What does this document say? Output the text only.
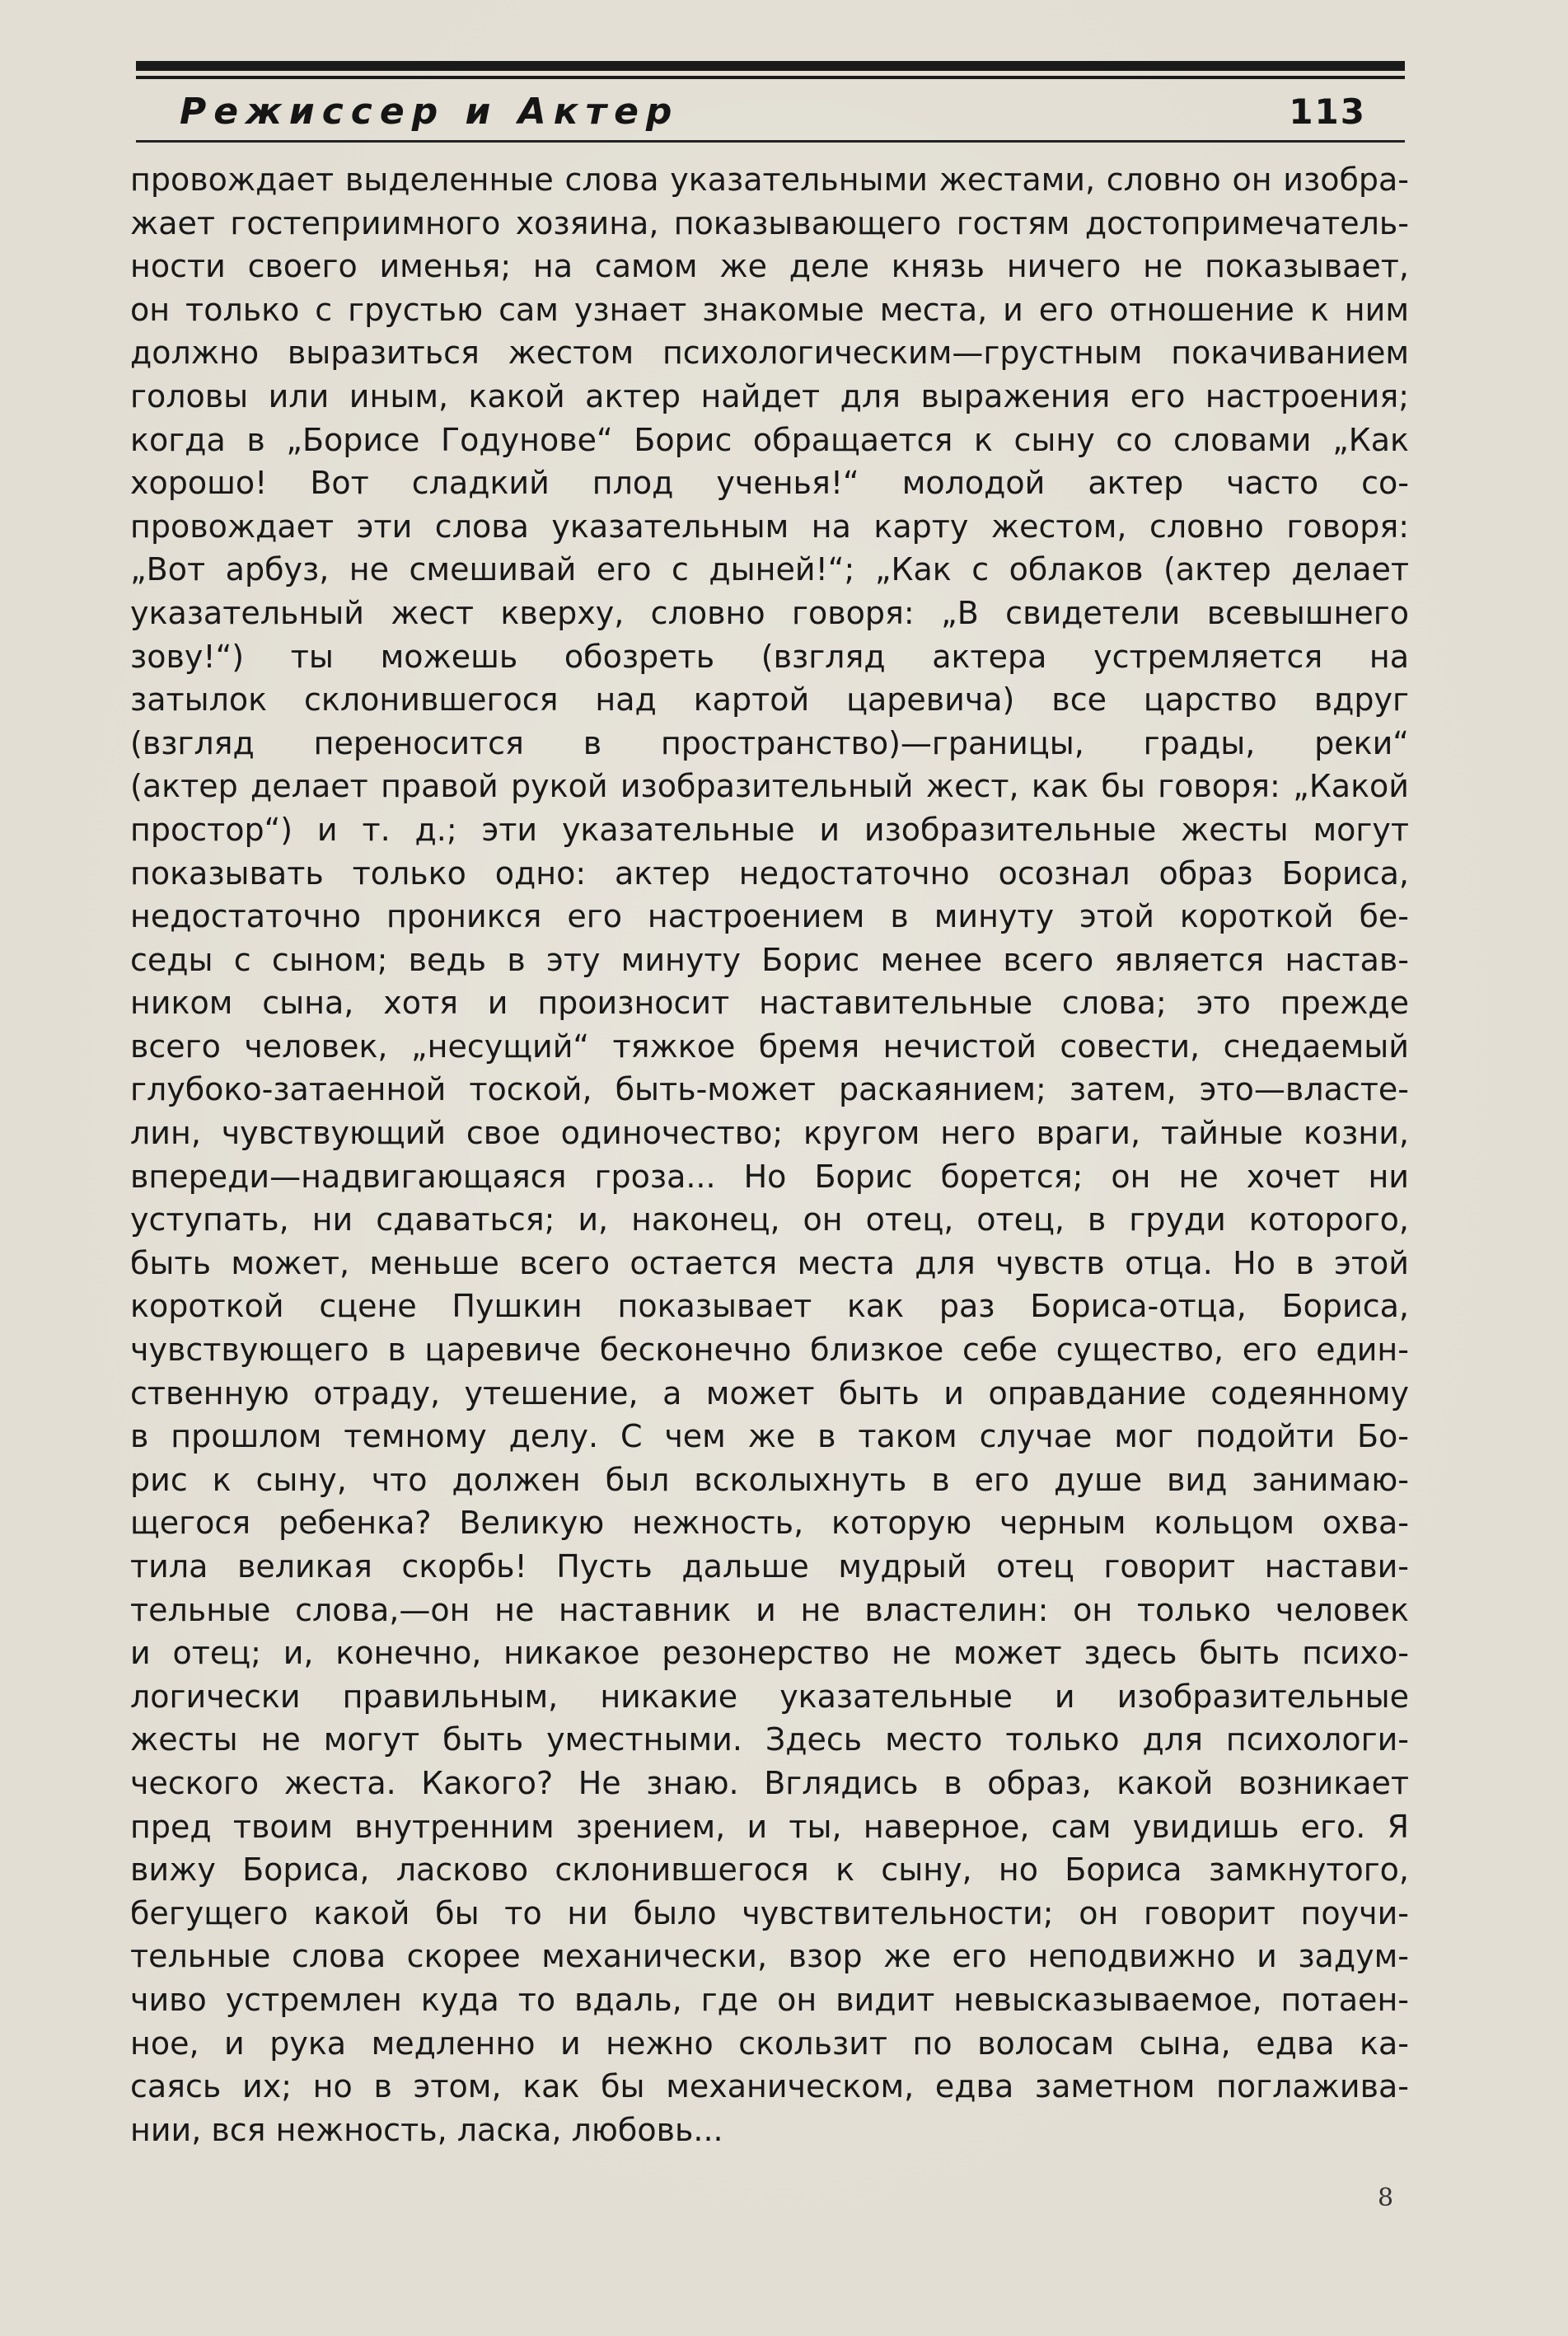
Режиссер и Актер	113
провождает выделенные слова указательными жестами, словно он изобра-
жает гостеприимного хозяина, показывающего гостям достопримечатель-
ности своего именья; на самом же деле князь ничего не показывает,
он только с грустью сам узнает знакомые места, и его отношение к ним
должно выразиться жестом психологическим—грустным покачиванием
головы или иным, какой актер найдет для выражения его настроения;
когда в „Борисе Годунове“ Борис обращается к сыну со словами „Как
хорошо! Вот сладкий плод ученья!“ молодой актер часто со-
провождает эти слова указательным на карту жестом, словно говоря:
„Вот арбуз, не смешивай его с дыней!“; „Как с облаков (актер делает
указательный жест кверху, словно говоря: „В свидетели всевышнего
зову!“) ты можешь обозреть (взгляд актера устремляется на
затылок склонившегося над картой царевича) все царство вдруг
(взгляд переносится в пространство)—границы, грады, реки“
(актер делает правой рукой изобразительный жест, как бы говоря: „Какой
простор“) и т. д.; эти указательные и изобразительные жесты могут
показывать только одно: актер недостаточно осознал образ Бориса,
недостаточно проникся его настроением в минуту этой короткой бе-
седы с сыном; ведь в эту минуту Борис менее всего является настав-
ником сына, хотя и произносит наставительные слова; это прежде
всего человек, „несущий“ тяжкое бремя нечистой совести, снедаемый
глубоко-затаенной тоской, быть-может раскаянием; затем, это—власте-
лин, чувствующий свое одиночество; кругом него враги, тайные козни,
впереди—надвигающаяся гроза... Но Борис борется; он не хочет ни
уступать, ни сдаваться; и, наконец, он отец, отец, в груди которого,
быть может, меньше всего остается места для чувств отца. Но в этой
короткой сцене Пушкин показывает как раз Бориса-отца, Бориса,
чувствующего в царевиче бесконечно близкое себе существо, его един-
ственную отраду, утешение, а может быть и оправдание содеянному
в прошлом темному делу. С чем же в таком случае мог подойти Бо-
рис к сыну, что должен был всколыхнуть в его душе вид занимаю-
щегося ребенка? Великую нежность, которую черным кольцом охва-
тила великая скорбь! Пусть дальше мудрый отец говорит настави-
тельные слова,—он не наставник и не властелин: он только человек
и отец; и, конечно, никакое резонерство не может здесь быть психо-
логически правильным, никакие указательные и изобразительные
жесты не могут быть уместными. Здесь место только для психологи-
ческого жеста. Какого? Не знаю. Вглядись в образ, какой возникает
пред твоим внутренним зрением, и ты, наверное, сам увидишь его. Я
вижу Бориса, ласково склонившегося к сыну, но Бориса замкнутого,
бегущего какой бы то ни было чувствительности; он говорит поучи-
тельные слова скорее механически, взор же его неподвижно и задум-
чиво устремлен куда то вдаль, где он видит невысказываемое, потаен-
ное, и рука медленно и нежно скользит по волосам сына, едва ка-
саясь их; но в этом, как бы механическом, едва заметном поглажива-
нии, вся нежность, ласка, любовь...
8
